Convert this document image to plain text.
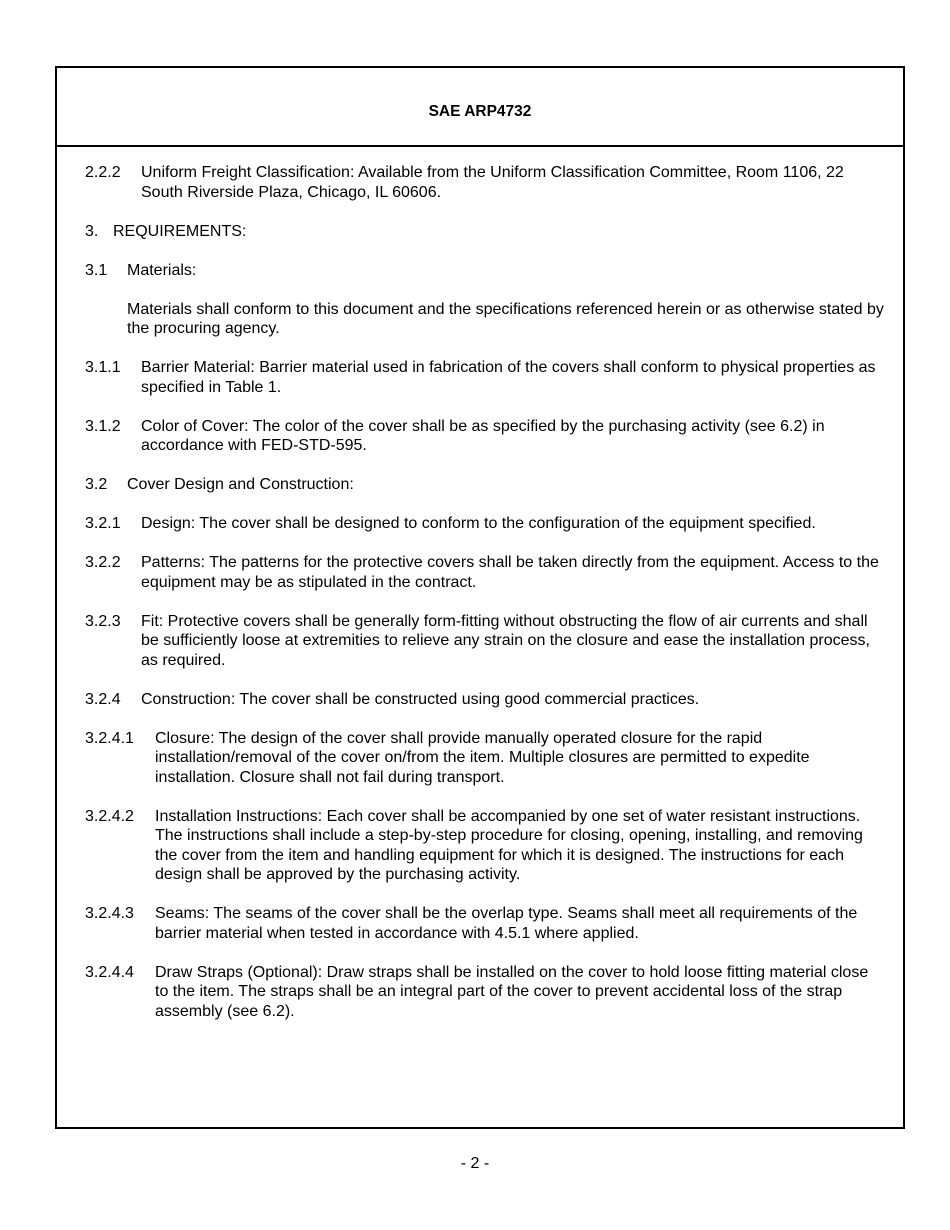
SAE ARP4732
2.2.2 Uniform Freight Classification: Available from the Uniform Classification Committee, Room 1106, 22 South Riverside Plaza, Chicago, IL 60606.
3. REQUIREMENTS:
3.1 Materials:
Materials shall conform to this document and the specifications referenced herein or as otherwise stated by the procuring agency.
3.1.1 Barrier Material: Barrier material used in fabrication of the covers shall conform to physical properties as specified in Table 1.
3.1.2 Color of Cover: The color of the cover shall be as specified by the purchasing activity (see 6.2) in accordance with FED-STD-595.
3.2 Cover Design and Construction:
3.2.1 Design: The cover shall be designed to conform to the configuration of the equipment specified.
3.2.2 Patterns: The patterns for the protective covers shall be taken directly from the equipment. Access to the equipment may be as stipulated in the contract.
3.2.3 Fit: Protective covers shall be generally form-fitting without obstructing the flow of air currents and shall be sufficiently loose at extremities to relieve any strain on the closure and ease the installation process, as required.
3.2.4 Construction: The cover shall be constructed using good commercial practices.
3.2.4.1 Closure: The design of the cover shall provide manually operated closure for the rapid installation/removal of the cover on/from the item. Multiple closures are permitted to expedite installation. Closure shall not fail during transport.
3.2.4.2 Installation Instructions: Each cover shall be accompanied by one set of water resistant instructions. The instructions shall include a step-by-step procedure for closing, opening, installing, and removing the cover from the item and handling equipment for which it is designed. The instructions for each design shall be approved by the purchasing activity.
3.2.4.3 Seams: The seams of the cover shall be the overlap type. Seams shall meet all requirements of the barrier material when tested in accordance with 4.5.1 where applied.
3.2.4.4 Draw Straps (Optional): Draw straps shall be installed on the cover to hold loose fitting material close to the item. The straps shall be an integral part of the cover to prevent accidental loss of the strap assembly (see 6.2).
- 2 -
